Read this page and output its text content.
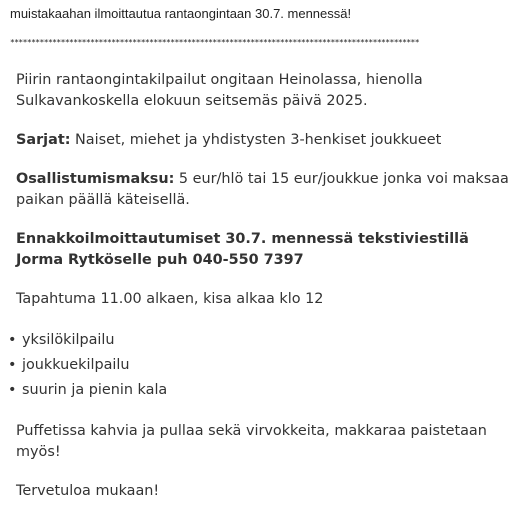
muistakaahan ilmoittautua rantaongintaan 30.7. mennessä!
*************************************************************************************************

Piirin rantaongintakilpailut ongitaan Heinolassa, hienolla Sulkavankoskella elokuun seitsemäs päivä 2025.

Sarjat: Naiset, miehet ja yhdistysten 3-henkiset joukkueet

Osallistumismaksu: 5 eur/hlö tai 15 eur/joukkue jonka voi maksaa paikan päällä käteisellä.

Ennakkoilmoittautumiset 30.7. mennessä tekstiviestillä Jorma Rytköselle puh 040-550 7397

Tapahtuma 11.00 alkaen, kisa alkaa klo 12

• yksilökilpailu
• joukkuekilpailu
• suurin ja pienin kala

Puffetissa kahvia ja pullaa sekä virvokkeita, makkaraa paistetaan myös!

Tervetuloa mukaan!
